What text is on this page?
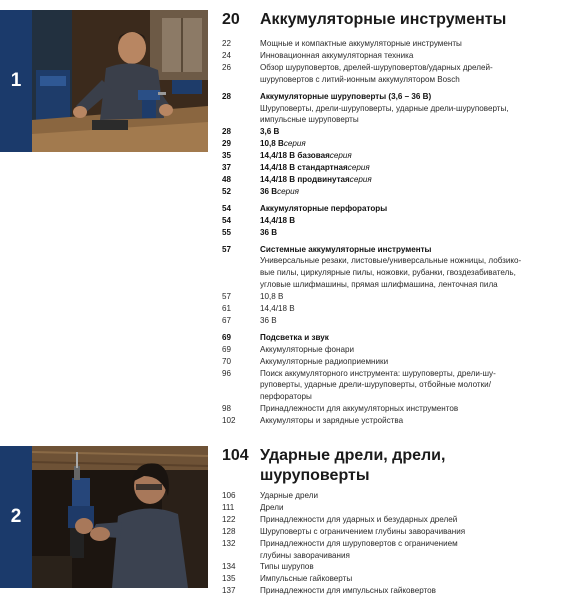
1
20	Аккумуляторные инструменты
22	Мощные и компактные аккумуляторные инструменты
24	Инновационная аккумуляторная техника
26	Обзор шуруповертов, дрелей-шуруповертов/ударных дрелей-
шуруповертов с литий-ионным аккумулятором Bosch
28	Аккумуляторные шуруповерты (3,6 – 36 В)
Шуруповерты, дрели-шуруповерты, ударные дрели-шуруповерты,
импульсные шуруповерты
28	3,6 В
29	10,8 Всерия
35	14,4/18 В базоваясерия
37	14,4/18 В стандартнаясерия
48	14,4/18 В продвинутаясерия
52	36 Всерия
54	Аккумуляторные перфораторы
54	14,4/18 В
55	36 В
57	Системные аккумуляторные инструменты
Универсальные резаки, листовые/универсальные ножницы, лобзико-
вые пилы, циркулярные пилы, ножовки, рубанки, гвоздезабиватель,
угловые шлифмашины, прямая шлифмашина, ленточная пила
57	10,8 В
61	14,4/18 В
67	36 В
69	Подсветка и звук
69	Аккумуляторные фонари
70	Аккумуляторные радиоприемники
96	Поиск аккумуляторного инструмента: шуруповерты, дрели-шу-
руповерты, ударные дрели-шуруповерты, отбойные молотки/
перфораторы
98	Принадлежности для аккумуляторных инструментов
102	Аккумуляторы и зарядные устройства
2
104 Ударные дрели, дрели, шуруповерты
106	Ударные дрели
111	Дрели
122	Принадлежности для ударных и безударных дрелей
128	Шуруповерты с ограничением глубины заворачивания
132	Принадлежности для шуруповертов с ограничением
глубины заворачивания
134	Типы шурупов
135	Импульсные гайковерты
137	Принадлежности для импульсных гайковертов
